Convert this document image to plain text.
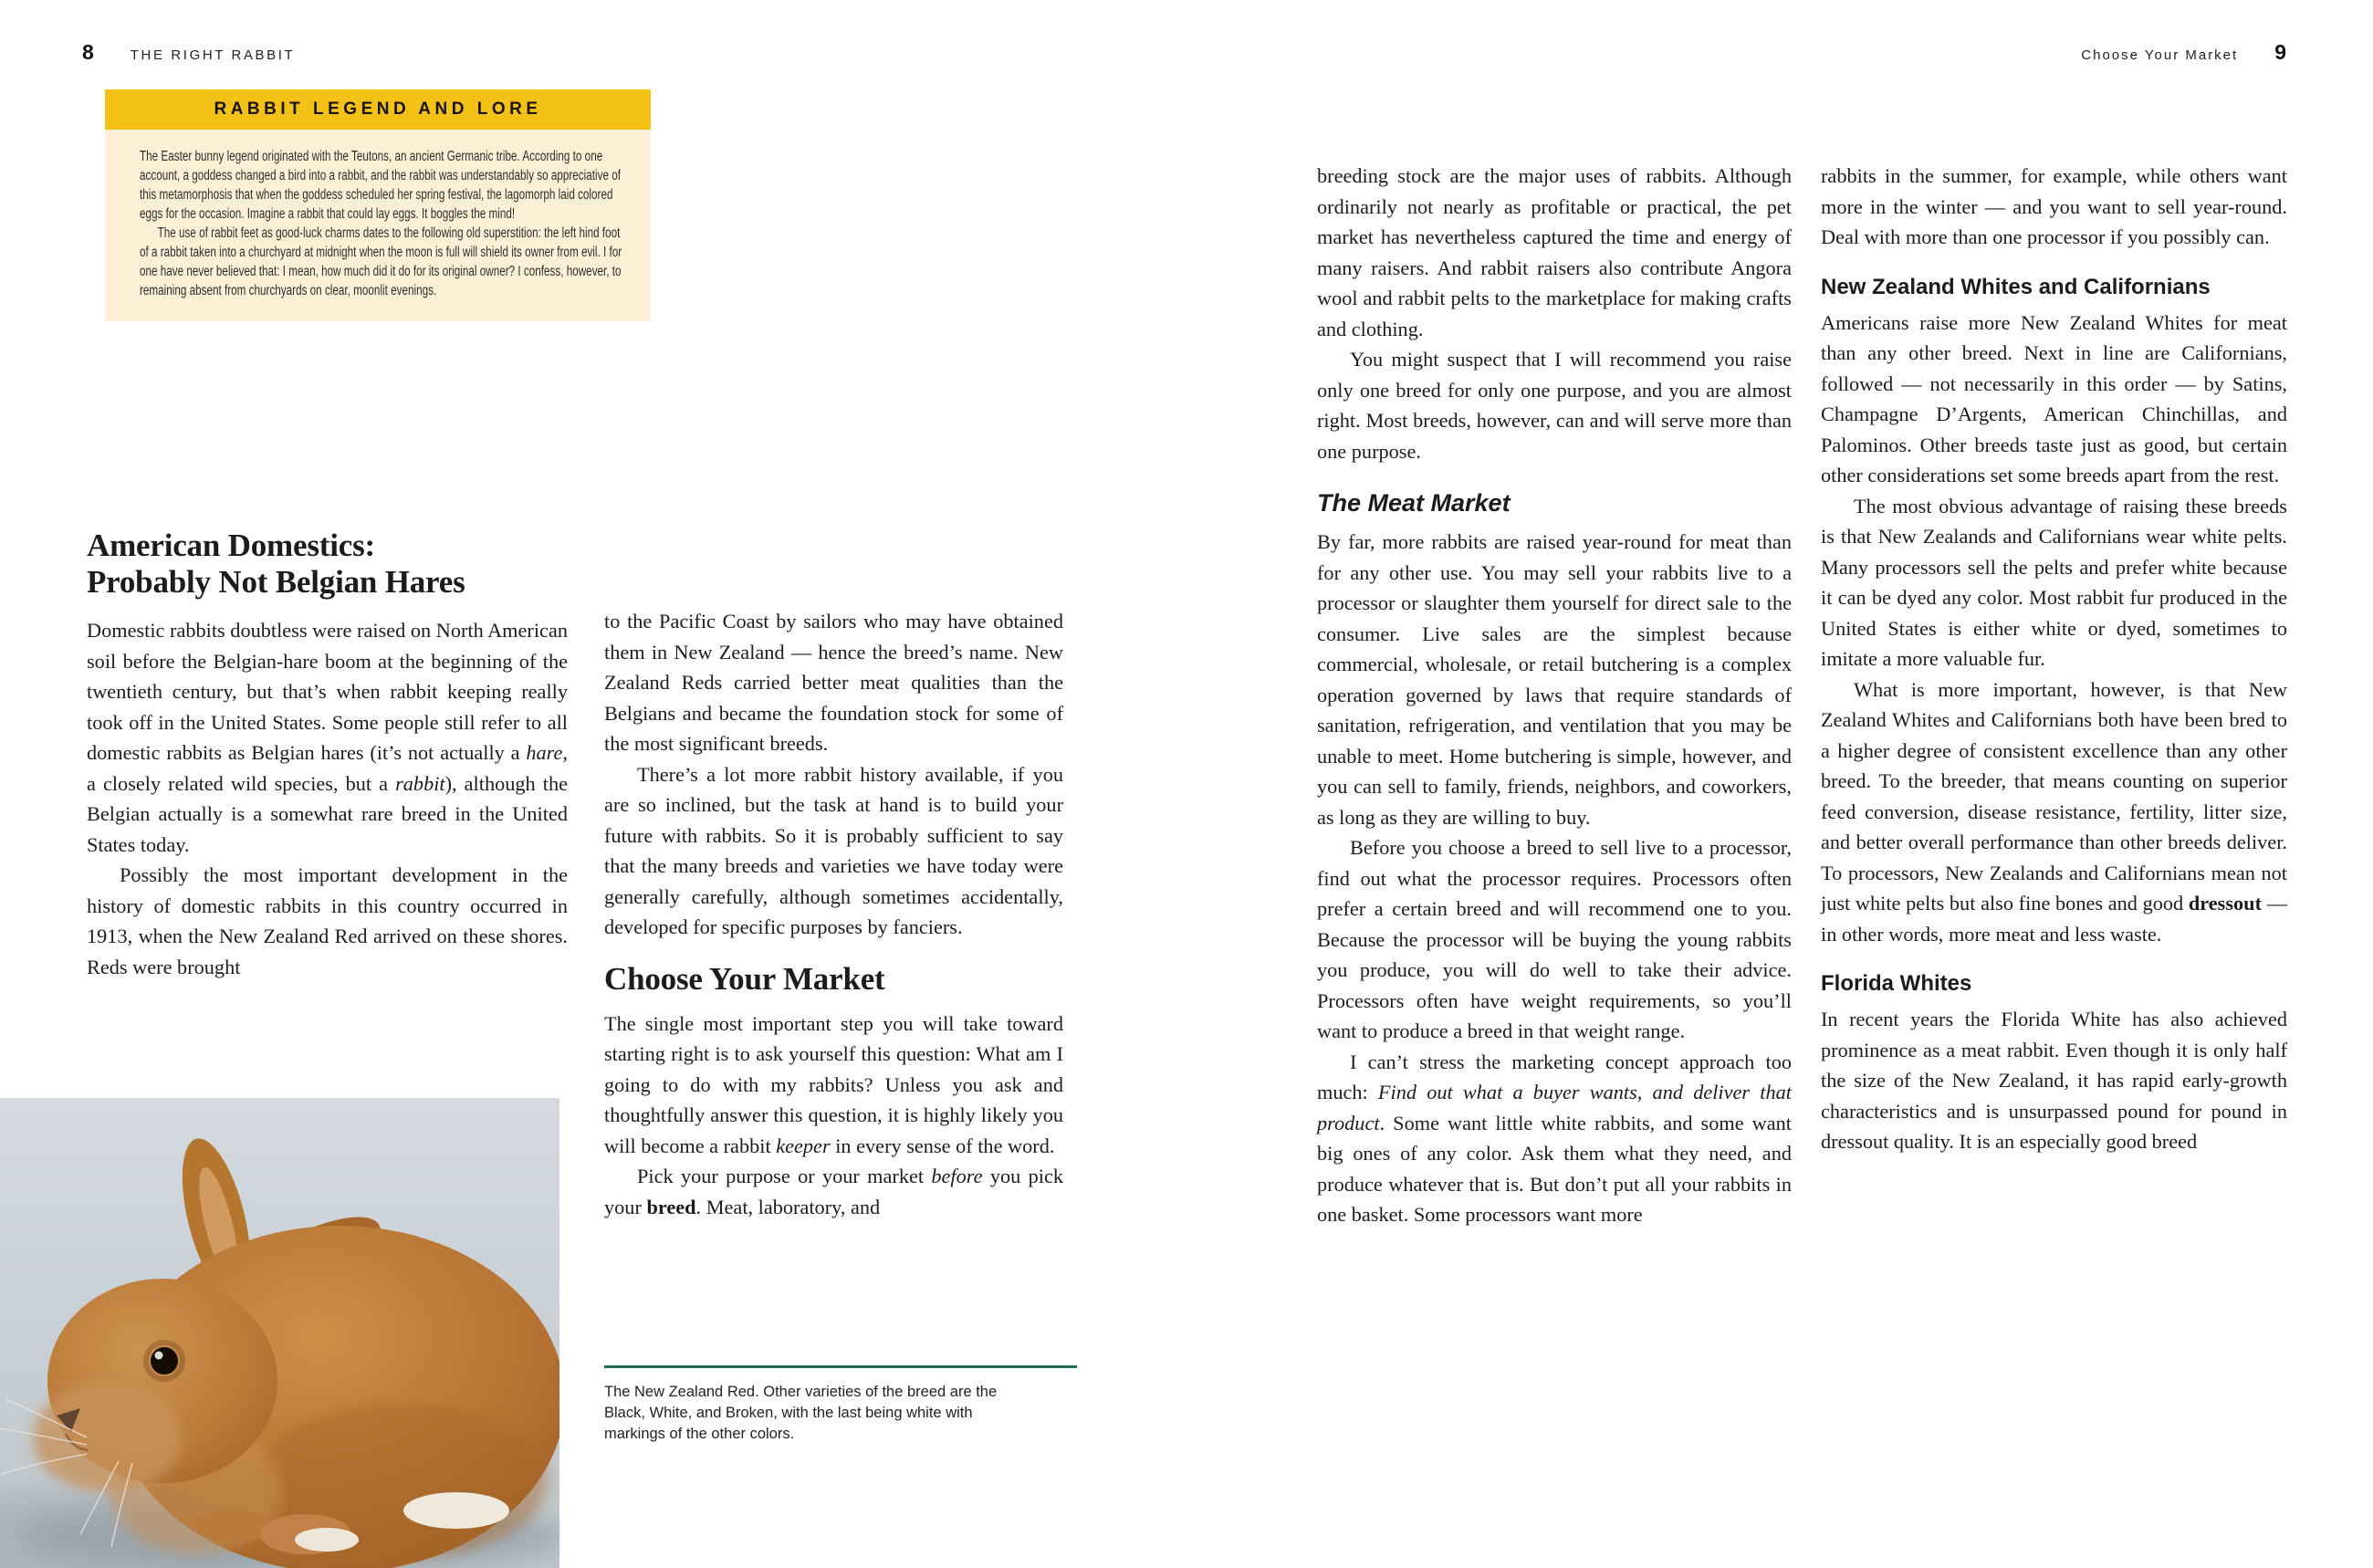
8	THE RIGHT RABBIT	Choose Your Market 9
RABBIT LEGEND AND LORE

The Easter bunny legend originated with the Teutons, an ancient Germanic tribe. According to one account, a goddess changed a bird into a rabbit, and the rabbit was understandably so appreciative of this metamorphosis that when the goddess scheduled her spring festival, the lagomorph laid colored eggs for the occasion. Imagine a rabbit that could lay eggs. It boggles the mind!

The use of rabbit feet as good-luck charms dates to the following old superstition: the left hind foot of a rabbit taken into a churchyard at midnight when the moon is full will shield its owner from evil. I for one have never believed that: I mean, how much did it do for its original owner? I confess, however, to remaining absent from churchyards on clear, moonlit evenings.

American Domestics:
Probably Not Belgian Hares

Domestic rabbits doubtless were raised on North American soil before the Belgian-hare boom at the beginning of the twentieth century, but that’s when rabbit keeping really took off in the United States. Some people still refer to all domestic rabbits as Belgian hares (it’s not actually a hare, a closely related wild species, but a rabbit), although the Belgian actually is a somewhat rare breed in the United States today.

Possibly the most important development in the history of domestic rabbits in this country occurred in 1913, when the New Zealand Red arrived on these shores. Reds were brought

to the Pacific Coast by sailors who may have obtained them in New Zealand — hence the breed’s name. New Zealand Reds carried better meat qualities than the Belgians and became the foundation stock for some of the most significant breeds.

There’s a lot more rabbit history available, if you are so inclined, but the task at hand is to build your future with rabbits. So it is probably sufficient to say that the many breeds and varieties we have today were generally carefully, although sometimes accidentally, developed for specific purposes by fanciers.

Choose Your Market

The single most important step you will take toward starting right is to ask yourself this question: What am I going to do with my rabbits? Unless you ask and thoughtfully answer this question, it is highly likely you will become a rabbit keeper in every sense of the word.

Pick your purpose or your market before you pick your breed. Meat, laboratory, and

The New Zealand Red. Other varieties of the breed are the Black, White, and Broken, with the last being white with markings of the other colors.

breeding stock are the major uses of rabbits. Although ordinarily not nearly as profitable or practical, the pet market has nevertheless captured the time and energy of many raisers. And rabbit raisers also contribute Angora wool and rabbit pelts to the marketplace for making crafts and clothing.

You might suspect that I will recommend you raise only one breed for only one purpose, and you are almost right. Most breeds, however, can and will serve more than one purpose.

The Meat Market

By far, more rabbits are raised year-round for meat than for any other use. You may sell your rabbits live to a processor or slaughter them yourself for direct sale to the consumer. Live sales are the simplest because commercial, wholesale, or retail butchering is a complex operation governed by laws that require standards of sanitation, refrigeration, and ventilation that you may be unable to meet. Home butchering is simple, however, and you can sell to family, friends, neighbors, and coworkers, as long as they are willing to buy.

Before you choose a breed to sell live to a processor, find out what the processor requires. Processors often prefer a certain breed and will recommend one to you. Because the processor will be buying the young rabbits you produce, you will do well to take their advice. Processors often have weight requirements, so you’ll want to produce a breed in that weight range.

I can’t stress the marketing concept approach too much: Find out what a buyer wants, and deliver that product. Some want little white rabbits, and some want big ones of any color. Ask them what they need, and produce whatever that is. But don’t put all your rabbits in one basket. Some processors want more

rabbits in the summer, for example, while others want more in the winter — and you want to sell year-round. Deal with more than one processor if you possibly can.

New Zealand Whites and Californians

Americans raise more New Zealand Whites for meat than any other breed. Next in line are Californians, followed — not necessarily in this order — by Satins, Champagne D’Argents, American Chinchillas, and Palominos. Other breeds taste just as good, but certain other considerations set some breeds apart from the rest.

The most obvious advantage of raising these breeds is that New Zealands and Californians wear white pelts. Many processors sell the pelts and prefer white because it can be dyed any color. Most rabbit fur produced in the United States is either white or dyed, sometimes to imitate a more valuable fur.

What is more important, however, is that New Zealand Whites and Californians both have been bred to a higher degree of consistent excellence than any other breed. To the breeder, that means counting on superior feed conversion, disease resistance, fertility, litter size, and better overall performance than other breeds deliver. To processors, New Zealands and Californians mean not just white pelts but also fine bones and good dressout — in other words, more meat and less waste.

Florida Whites

In recent years the Florida White has also achieved prominence as a meat rabbit. Even though it is only half the size of the New Zealand, it has rapid early-growth characteristics and is unsurpassed pound for pound in dressout quality. It is an especially good breed
